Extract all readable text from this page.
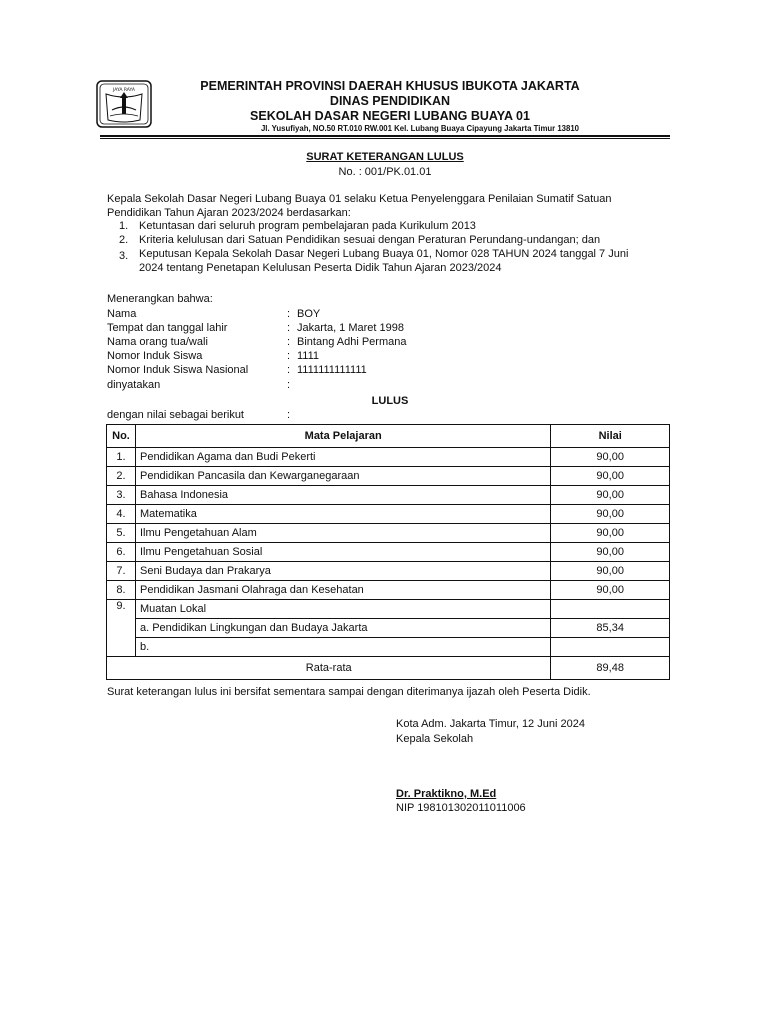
JAYA RAYA	PEMERINTAH PROVINSI DAERAH KHUSUS IBUKOTA JAKARTA
DINAS PENDIDIKAN
SEKOLAH DASAR NEGERI LUBANG BUAYA 01
Jl. Yusufiyah, NO.50 RT.010 RW.001 Kel. Lubang Buaya Cipayung Jakarta Timur 13810
SURAT KETERANGAN LULUS
No. : 001/PK.01.01
Kepala Sekolah Dasar Negeri Lubang Buaya 01 selaku Ketua Penyelenggara Penilaian Sumatif Satuan
Pendidikan Tahun Ajaran 2023/2024 berdasarkan:
1. Ketuntasan dari seluruh program pembelajaran pada Kurikulum 2013
2. Kriteria kelulusan dari Satuan Pendidikan sesuai dengan Peraturan Perundang-undangan; dan
3. Keputusan Kepala Sekolah Dasar Negeri Lubang Buaya 01, Nomor 028 TAHUN 2024 tanggal 7 Juni
2024 tentang Penetapan Kelulusan Peserta Didik Tahun Ajaran 2023/2024
Menerangkan bahwa:
Nama	: BOY
Tempat dan tanggal lahir	: Jakarta, 1 Maret 1998
Nama orang tua/wali	: Bintang Adhi Permana
Nomor Induk Siswa	: 1111
Nomor Induk Siswa Nasional	: 1111111111111
dinyatakan	:
LULUS
dengan nilai sebagai berikut	:
No.	Mata Pelajaran	Nilai
1.	Pendidikan Agama dan Budi Pekerti	90,00
2.	Pendidikan Pancasila dan Kewarganegaraan	90,00
3.	Bahasa Indonesia	90,00
4.	Matematika	90,00
5.	Ilmu Pengetahuan Alam	90,00
6.	Ilmu Pengetahuan Sosial	90,00
7.	Seni Budaya dan Prakarya	90,00
8.	Pendidikan Jasmani Olahraga dan Kesehatan	90,00
9.	Muatan Lokal	
	a. Pendidikan Lingkungan dan Budaya Jakarta	85,34
	b.	
Rata-rata		89,48
Surat keterangan lulus ini bersifat sementara sampai dengan diterimanya ijazah oleh Peserta Didik.
Kota Adm. Jakarta Timur, 12 Juni 2024
Kepala Sekolah
Dr. Praktikno, M.Ed
NIP 198101302011011006
